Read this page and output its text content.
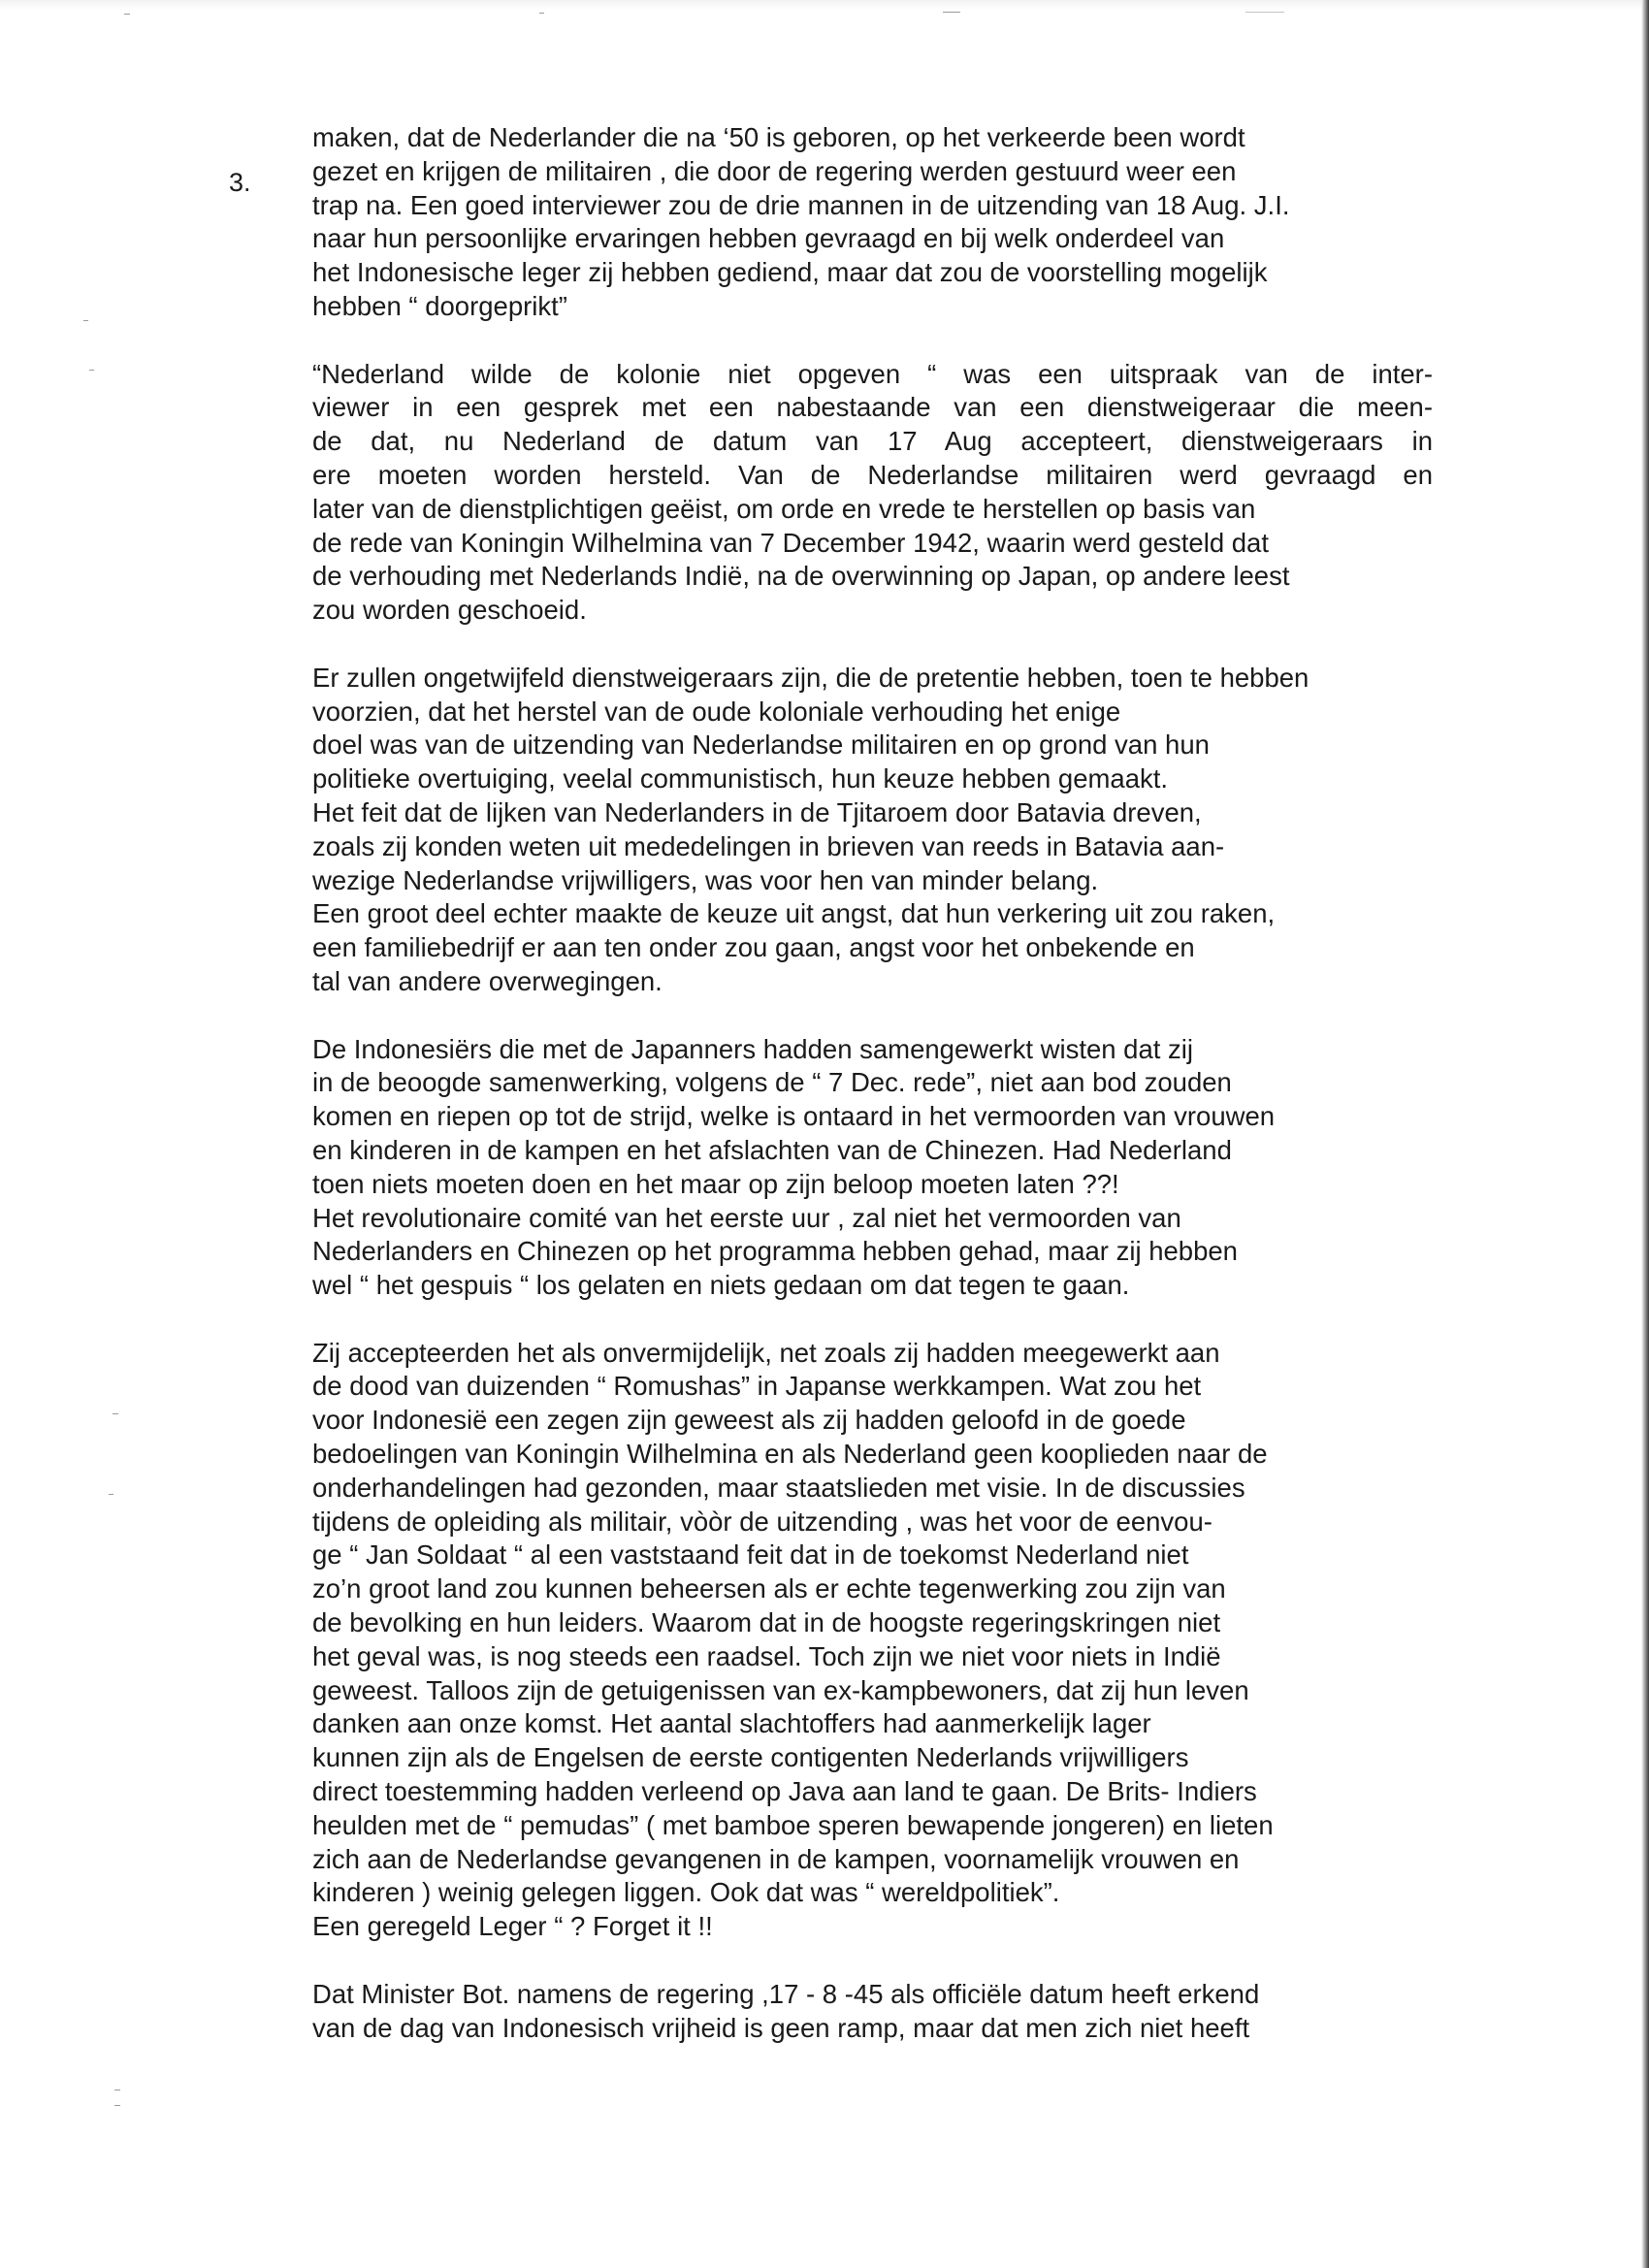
3.
maken, dat de Nederlander die na ‘50 is geboren, op het verkeerde been wordt
gezet en krijgen de militairen , die door de regering werden gestuurd weer een
trap na. Een goed interviewer zou de drie mannen in de uitzending van 18 Aug. J.I.
naar hun persoonlijke ervaringen hebben gevraagd en bij welk onderdeel van
het Indonesische leger zij hebben gediend, maar dat zou de voorstelling mogelijk
hebben “ doorgeprikt”
“Nederland wilde de kolonie niet opgeven “ was een uitspraak van de inter-
viewer in een gesprek met een nabestaande van een dienstweigeraar die meen-
de dat, nu Nederland de datum van 17 Aug accepteert, dienstweigeraars in
ere moeten worden hersteld. Van de Nederlandse militairen werd gevraagd en
later van de dienstplichtigen geëist, om orde en vrede te herstellen op basis van
de rede van Koningin Wilhelmina van 7 December 1942, waarin werd gesteld dat
de verhouding met Nederlands Indië, na de overwinning op Japan, op andere leest
zou worden geschoeid.
Er zullen ongetwijfeld dienstweigeraars zijn, die de pretentie hebben, toen te hebben
voorzien, dat het herstel van de oude koloniale verhouding het enige
doel was van de uitzending van Nederlandse militairen en op grond van hun
politieke overtuiging, veelal communistisch, hun keuze hebben gemaakt.
Het feit dat de lijken van Nederlanders in de Tjitaroem door Batavia dreven,
zoals zij konden weten uit mededelingen in brieven van reeds in Batavia aan-
wezige Nederlandse vrijwilligers, was voor hen van minder belang.
Een groot deel echter maakte de keuze uit angst, dat hun verkering uit zou raken,
een familiebedrijf er aan ten onder zou gaan, angst voor het onbekende en
tal van andere overwegingen.
De Indonesiërs die met de Japanners hadden samengewerkt wisten dat zij
in de beoogde samenwerking, volgens de “ 7 Dec. rede”, niet aan bod zouden
komen en riepen op tot de strijd, welke is ontaard in het vermoorden van vrouwen
en kinderen in de kampen en het afslachten van de Chinezen. Had Nederland
toen niets moeten doen en het maar op zijn beloop moeten laten ??!
Het revolutionaire comité van het eerste uur , zal niet het vermoorden van
Nederlanders en Chinezen op het programma hebben gehad, maar zij hebben
wel “ het gespuis “ los gelaten en niets gedaan om dat tegen te gaan.
Zij accepteerden het als onvermijdelijk, net zoals zij hadden meegewerkt aan
de dood van duizenden “ Romushas” in Japanse werkkampen. Wat zou het
voor Indonesië een zegen zijn geweest als zij hadden geloofd in de goede
bedoelingen van Koningin Wilhelmina en als Nederland geen kooplieden naar de
onderhandelingen had gezonden, maar staatslieden met visie. In de discussies
tijdens de opleiding als militair, vòòr de uitzending , was het voor de eenvou-
ge “ Jan Soldaat “ al een vaststaand feit dat in de toekomst Nederland niet
zo’n groot land zou kunnen beheersen als er echte tegenwerking zou zijn van
de bevolking en hun leiders. Waarom dat in de hoogste regeringskringen niet
het geval was, is nog steeds een raadsel. Toch zijn we niet voor niets in Indië
geweest. Talloos zijn de getuigenissen van ex-kampbewoners, dat zij hun leven
danken aan onze komst. Het aantal slachtoffers had aanmerkelijk lager
kunnen zijn als de Engelsen de eerste contigenten Nederlands vrijwilligers
direct toestemming hadden verleend op Java aan land te gaan. De Brits- Indiers
heulden met de “ pemudas” ( met bamboe speren bewapende jongeren) en lieten
zich aan de Nederlandse gevangenen in de kampen, voornamelijk vrouwen en
kinderen ) weinig gelegen liggen. Ook dat was “ wereldpolitiek”.
Een geregeld Leger “ ? Forget it !!
Dat Minister Bot. namens de regering ,17 - 8 -45 als officiële datum heeft erkend
van de dag van Indonesisch vrijheid is geen ramp, maar dat men zich niet heeft
